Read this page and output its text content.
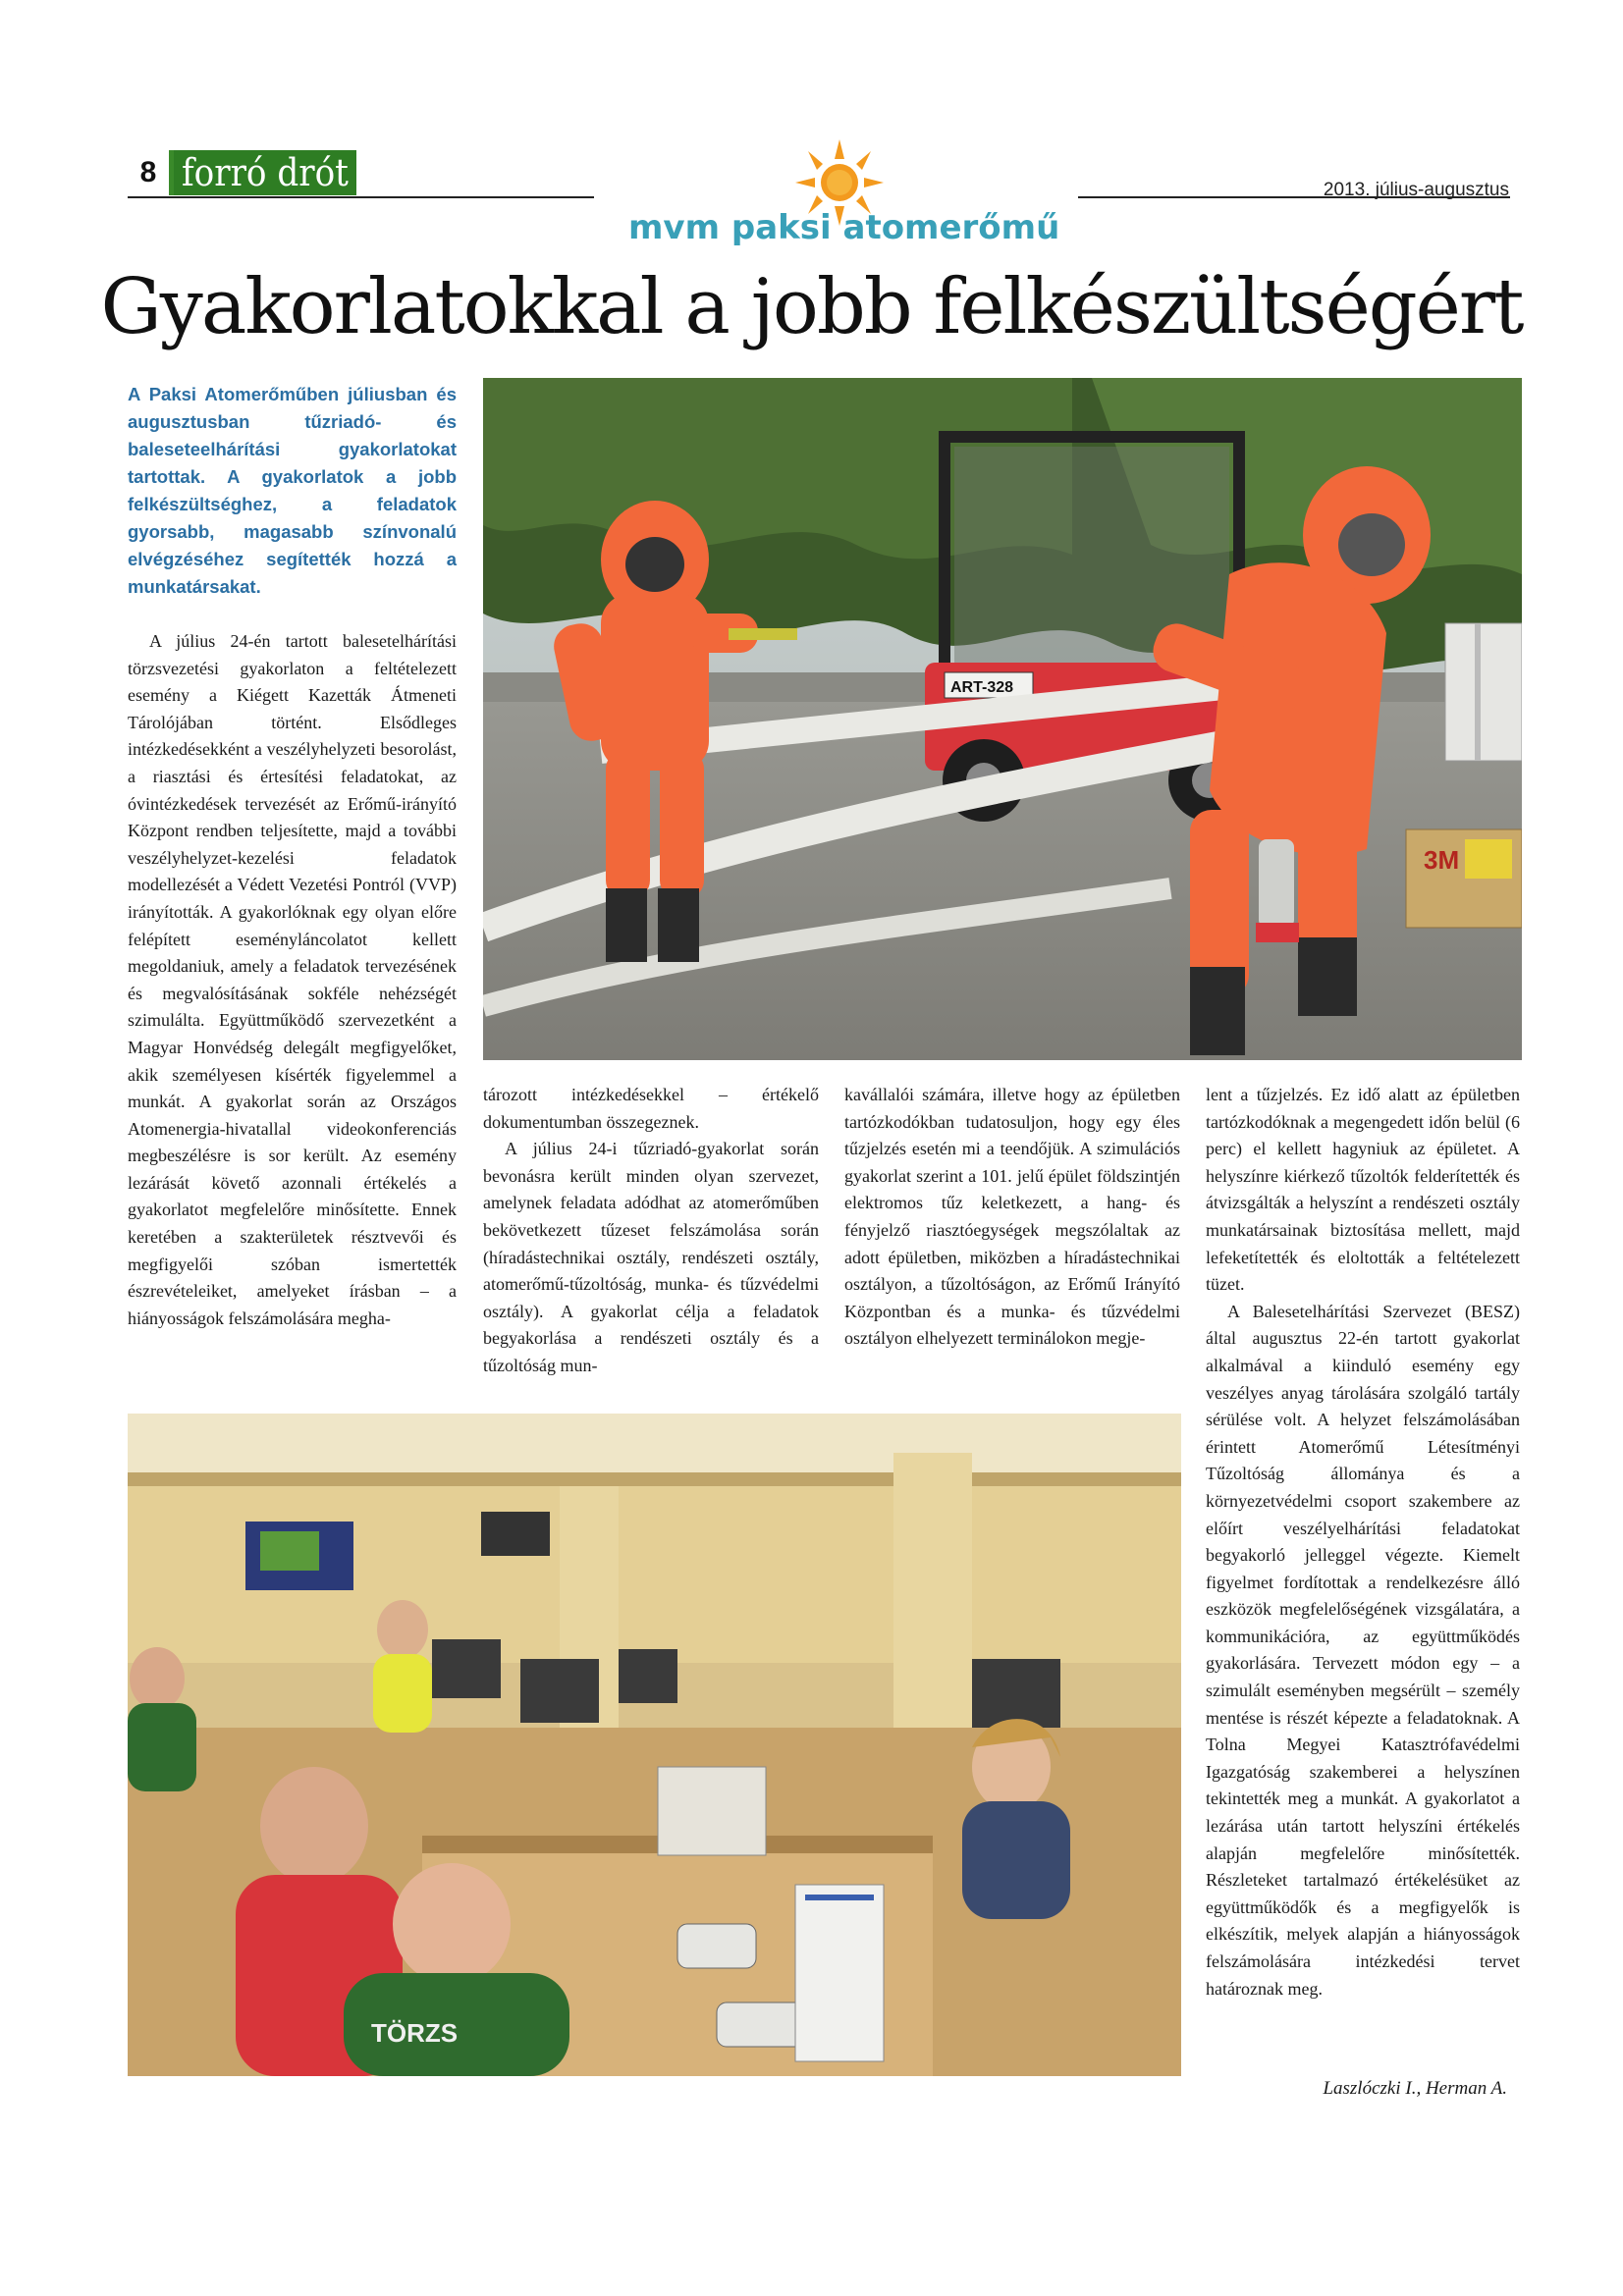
8 forró drót	2013. július-augusztus
mvm paksi atomerőmű
Gyakorlatokkal a jobb felkészültségért
A Paksi Atomerőműben júliusban és augusztusban tűzriadó- és baleseteelhárítási gyakorlatokat tartottak. A gyakorlatok a jobb felkészültséghez, a feladatok gyorsabb, magasabb színvonalú elvégzéséhez segítették hozzá a munkatársakat.
3M
ART-328

A július 24-én tartott balesetelhárítási törzsvezetési gyakorlaton a feltételezett esemény a Kiégett Kazetták Átmeneti Tárolójában történt. Elsődleges intézkedésekként a veszélyhelyzeti besorolást, a riasztási és értesítési feladatokat, az óvintézkedések tervezését az Erőmű-irányító Központ rendben teljesítette, majd a további veszélyhelyzet-kezelési feladatok modellezését a Védett Vezetési Pontról (VVP) irányították. A gyakorlóknak egy olyan előre felépített eseményláncolatot kellett megoldaniuk, amely a feladatok tervezésének és megvalósításának sokféle nehézségét szimulálta. Együttműködő szervezetként a Magyar Honvédség delegált megfigyelőket, akik személyesen kísérték figyelemmel a munkát. A gyakorlat során az Országos Atomenergia-hivatallal videokonferenciás megbeszélésre is sor került. Az esemény lezárását követő azonnali értékelés a gyakorlatot megfelelőre minősítette. Ennek keretében a szakterületek résztvevői és megfigyelői szóban ismertették észrevételeiket, amelyeket írásban – a hiányosságok felszámolására megha-

tározott intézkedésekkel – értékelő dokumentumban összegeznek.

A július 24-i tűzriadó-gyakorlat során bevonásra került minden olyan szervezet, amelynek feladata adódhat az atomerőműben bekövetkezett tűzeset felszámolása során (híradástechnikai osztály, rendészeti osztály, atomerőmű-tűzoltóság, munka- és tűzvédelmi osztály). A gyakorlat célja a feladatok begyakorlása a rendészeti osztály és a tűzoltóság mun-

kavállalói számára, illetve hogy az épületben tartózkodókban tudatosuljon, hogy egy éles tűzjelzés esetén mi a teendőjük. A szimulációs gyakorlat szerint a 101. jelű épület földszintjén elektromos tűz keletkezett, a hang- és fényjelző riasztóegységek megszólaltak az adott épületben, miközben a híradástechnikai osztályon, a tűzoltóságon, az Erőmű Irányító Központban és a munka- és tűzvédelmi osztályon elhelyezett terminálokon megje-

lent a tűzjelzés. Ez idő alatt az épületben tartózkodóknak a megengedett időn belül (6 perc) el kellett hagyniuk az épületet. A helyszínre kiérkező tűzoltók felderítették és átvizsgálták a helyszínt a rendészeti osztály munkatársainak biztosítása mellett, majd lefeketítették és eloltották a feltételezett tüzet.

A Balesetelhárítási Szervezet (BESZ) által augusztus 22-én tartott gyakorlat alkalmával a kiinduló esemény egy veszélyes anyag tárolására szolgáló tartály sérülése volt. A helyzet felszámolásában érintett Atomerőmű Létesítményi Tűzoltóság állománya és a környezetvédelmi csoport szakembere az előírt veszélyelhárítási feladatokat begyakorló jelleggel végezte. Kiemelt figyelmet fordítottak a rendelkezésre álló eszközök megfelelőségének vizsgálatára, a kommunikációra, az együttműködés gyakorlására. Tervezett módon egy – a szimulált eseményben megsérült – személy mentése is részét képezte a feladatoknak. A Tolna Megyei Katasztrófavédelmi Igazgatóság szakemberei a helyszínen tekintették meg a munkát. A gyakorlatot a lezárása után tartott helyszíni értékelés alapján megfelelőre minősítették. Részleteket tartalmazó értékelésüket az együttműködők és a megfigyelők is elkészítik, melyek alapján a hiányosságok felszámolására intézkedési tervet határoznak meg.

Laszlóczki I., Herman A.
TÖRZS
